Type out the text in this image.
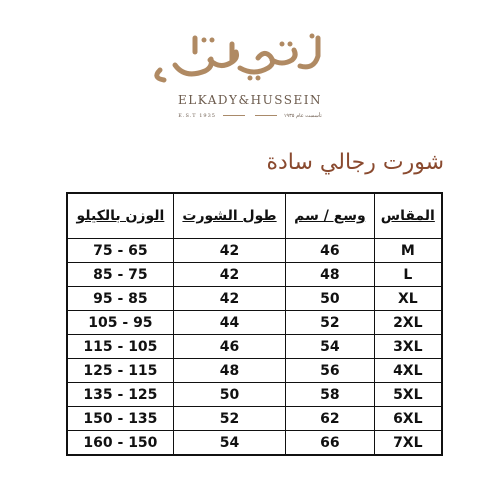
ELKADY&HUSSEIN
E.S.T 1935	تأسست عام ١٩٣٥
شورت رجالي سادة
الوزن بالكيلو	طول الشورت	وسع / سم	المقاس
75 - 65	42	46	M
85 - 75	42	48	L
95 - 85	42	50	XL
105 - 95	44	52	2XL
115 - 105	46	54	3XL
125 - 115	48	56	4XL
135 - 125	50	58	5XL
150 - 135	52	62	6XL
160 - 150	54	66	7XL
